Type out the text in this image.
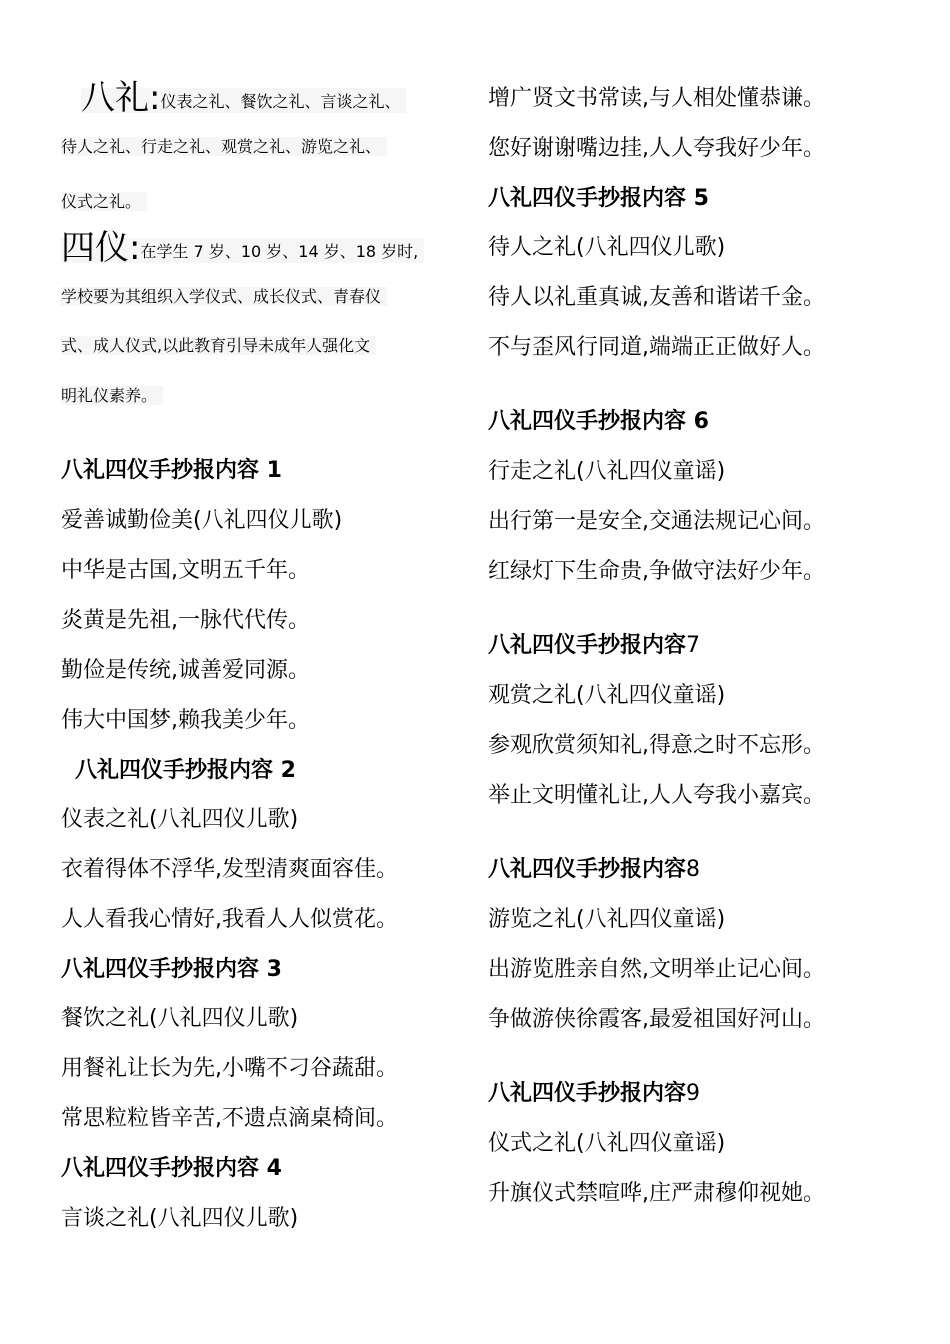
八礼:仪表之礼、餐饮之礼、言谈之礼、
待人之礼、行走之礼、观赏之礼、游览之礼、
仪式之礼。
四仪:在学生 7 岁、10 岁、14 岁、18 岁时,
学校要为其组织入学仪式、成长仪式、青春仪
式、成人仪式,以此教育引导未成年人强化文
明礼仪素养。
八礼四仪手抄报内容 1
爱善诚勤俭美(八礼四仪儿歌)
中华是古国,文明五千年。
炎黄是先祖,一脉代代传。
勤俭是传统,诚善爱同源。
伟大中国梦,赖我美少年。
八礼四仪手抄报内容 2
仪表之礼(八礼四仪儿歌)
衣着得体不浮华,发型清爽面容佳。
人人看我心情好,我看人人似赏花。
八礼四仪手抄报内容 3
餐饮之礼(八礼四仪儿歌)
用餐礼让长为先,小嘴不刁谷蔬甜。
常思粒粒皆辛苦,不遗点滴桌椅间。
八礼四仪手抄报内容 4
言谈之礼(八礼四仪儿歌)
增广贤文书常读,与人相处懂恭谦。
您好谢谢嘴边挂,人人夸我好少年。
八礼四仪手抄报内容 5
待人之礼(八礼四仪儿歌)
待人以礼重真诚,友善和谐诺千金。
不与歪风行同道,端端正正做好人。
八礼四仪手抄报内容 6
行走之礼(八礼四仪童谣)
出行第一是安全,交通法规记心间。
红绿灯下生命贵,争做守法好少年。
八礼四仪手抄报内容7
观赏之礼(八礼四仪童谣)
参观欣赏须知礼,得意之时不忘形。
举止文明懂礼让,人人夸我小嘉宾。
八礼四仪手抄报内容8
游览之礼(八礼四仪童谣)
出游览胜亲自然,文明举止记心间。
争做游侠徐霞客,最爱祖国好河山。
八礼四仪手抄报内容9
仪式之礼(八礼四仪童谣)
升旗仪式禁喧哗,庄严肃穆仰视她。
